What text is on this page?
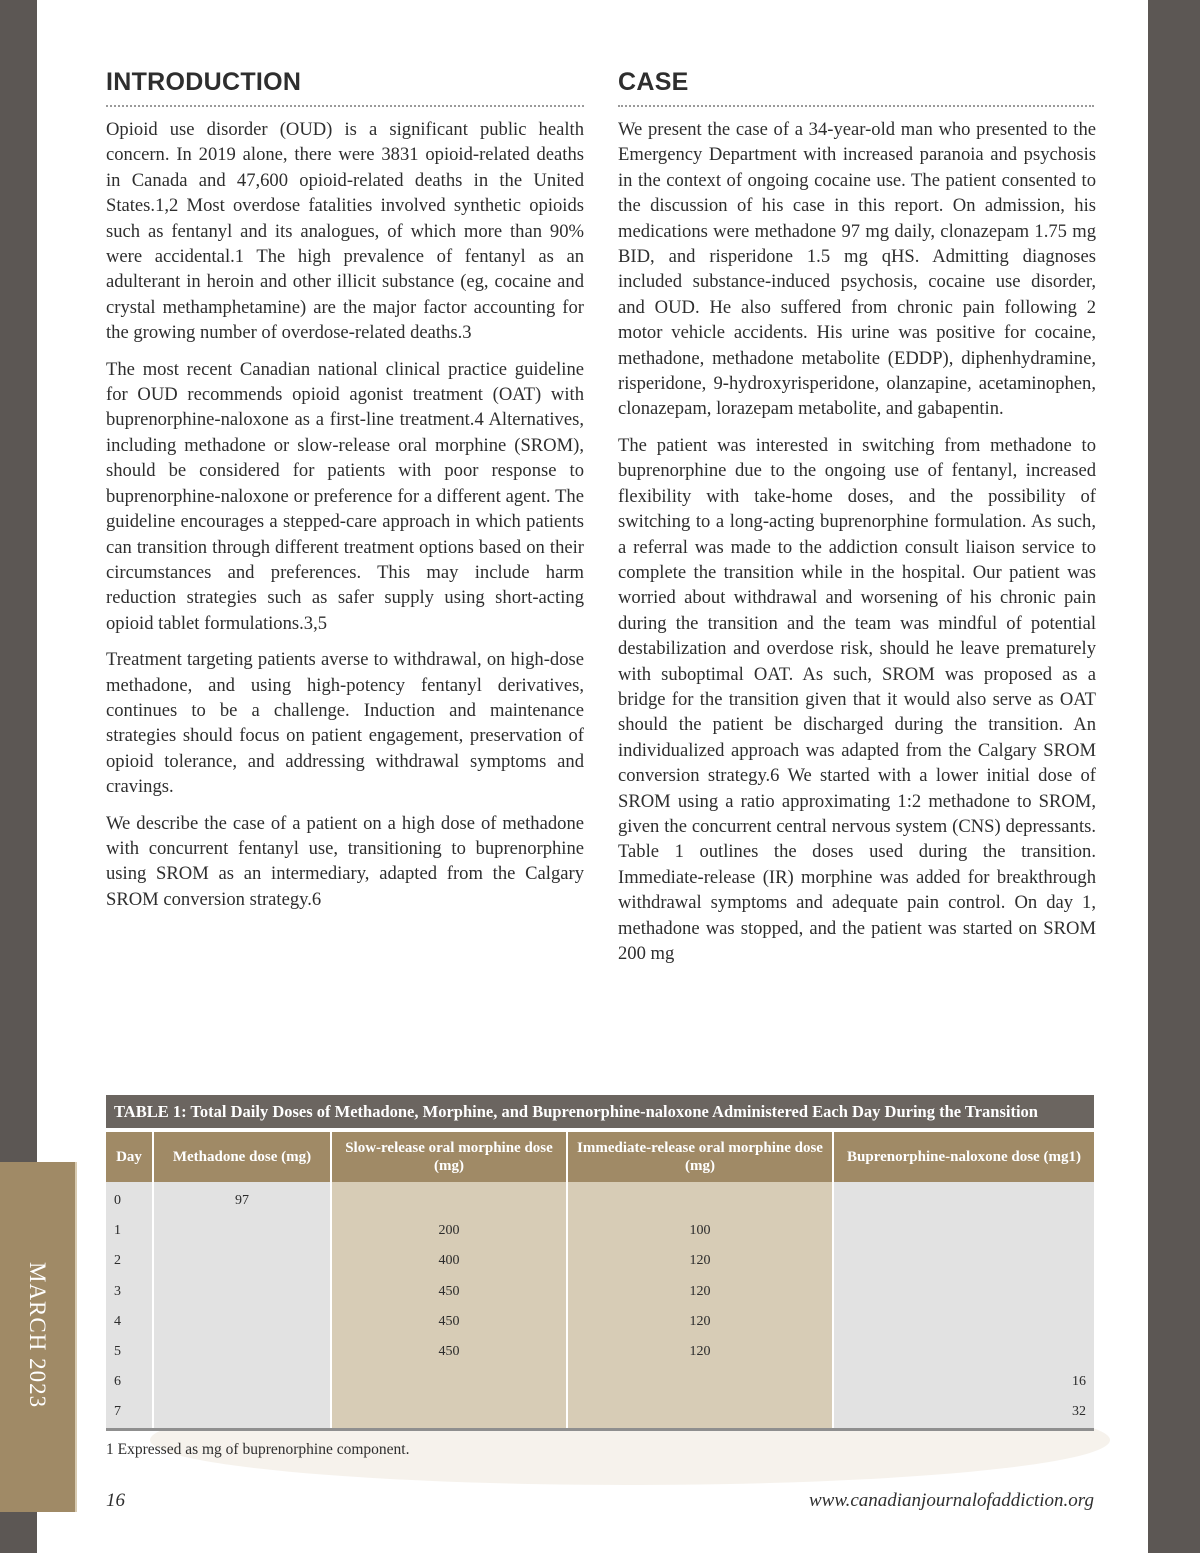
MARCH 2023
INTRODUCTION

Opioid use disorder (OUD) is a significant public health concern. In 2019 alone, there were 3831 opioid-related deaths in Canada and 47,600 opioid-related deaths in the United States.1,2 Most overdose fatalities involved synthetic opioids such as fentanyl and its analogues, of which more than 90% were accidental.1 The high prevalence of fentanyl as an adulterant in heroin and other illicit substance (eg, cocaine and crystal methamphetamine) are the major factor accounting for the growing number of overdose-related deaths.3

The most recent Canadian national clinical practice guideline for OUD recommends opioid agonist treatment (OAT) with buprenorphine-naloxone as a first-line treatment.4 Alternatives, including methadone or slow-release oral morphine (SROM), should be considered for patients with poor response to buprenorphine-naloxone or preference for a different agent. The guideline encourages a stepped-care approach in which patients can transition through different treatment options based on their circumstances and preferences. This may include harm reduction strategies such as safer supply using short-acting opioid tablet formulations.3,5

Treatment targeting patients averse to withdrawal, on high-dose methadone, and using high-potency fentanyl derivatives, continues to be a challenge. Induction and maintenance strategies should focus on patient engagement, preservation of opioid tolerance, and addressing withdrawal symptoms and cravings.

We describe the case of a patient on a high dose of methadone with concurrent fentanyl use, transitioning to buprenorphine using SROM as an intermediary, adapted from the Calgary SROM conversion strategy.6

CASE

We present the case of a 34-year-old man who presented to the Emergency Department with increased paranoia and psychosis in the context of ongoing cocaine use. The patient consented to the discussion of his case in this report. On admission, his medications were methadone 97 mg daily, clonazepam 1.75 mg BID, and risperidone 1.5 mg qHS. Admitting diagnoses included substance-induced psychosis, cocaine use disorder, and OUD. He also suffered from chronic pain following 2 motor vehicle accidents. His urine was positive for cocaine, methadone, methadone metabolite (EDDP), diphenhydramine, risperidone, 9-hydroxyrisperidone, olanzapine, acetaminophen, clonazepam, lorazepam metabolite, and gabapentin.

The patient was interested in switching from methadone to buprenorphine due to the ongoing use of fentanyl, increased flexibility with take-home doses, and the possibility of switching to a long-acting buprenorphine formulation. As such, a referral was made to the addiction consult liaison service to complete the transition while in the hospital. Our patient was worried about withdrawal and worsening of his chronic pain during the transition and the team was mindful of potential destabilization and overdose risk, should he leave prematurely with suboptimal OAT. As such, SROM was proposed as a bridge for the transition given that it would also serve as OAT should the patient be discharged during the transition. An individualized approach was adapted from the Calgary SROM conversion strategy.6 We started with a lower initial dose of SROM using a ratio approximating 1:2 methadone to SROM, given the concurrent central nervous system (CNS) depressants. Table 1 outlines the doses used during the transition. Immediate-release (IR) morphine was added for breakthrough withdrawal symptoms and adequate pain control. On day 1, methadone was stopped, and the patient was started on SROM 200 mg

TABLE 1: Total Daily Doses of Methadone, Morphine, and Buprenorphine-naloxone Administered Each Day During the Transition
Day	Methadone dose (mg)	Slow-release oral morphine dose (mg)	Immediate-release oral morphine dose (mg)	Buprenorphine-naloxone dose (mg1)
0	97			
1		200	100	
2		400	120	
3		450	120	
4		450	120	
5		450	120	
6				16
7				32
1 Expressed as mg of buprenorphine component.
16	www.canadianjournalofaddiction.org
